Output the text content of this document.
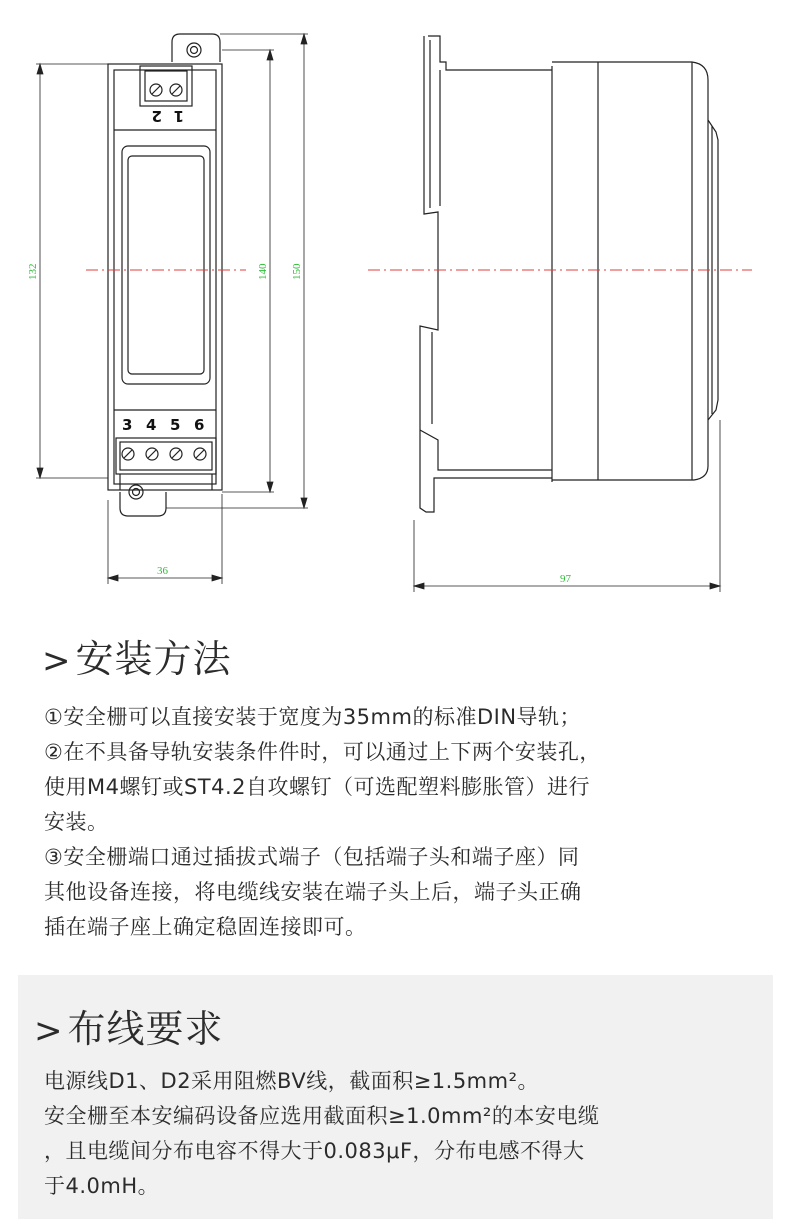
1
2
3 4 5 6
132	140 150
36
97
> 安装方法

①安全栅可以直接安装于宽度为35mm的标准DIN导轨；

②在不具备导轨安装条件件时，可以通过上下两个安装孔，

使用M4螺钉或ST4.2自攻螺钉（可选配塑料膨胀管）进行

安装。

③安全栅端口通过插拔式端子（包括端子头和端子座）同

其他设备连接，将电缆线安装在端子头上后，端子头正确

插在端子座上确定稳固连接即可。

> 布线要求

电源线D1、D2采用阻燃BV线，截面积≥1.5mm²。

安全栅至本安编码设备应选用截面积≥1.0mm²的本安电缆

，且电缆间分布电容不得大于0.083μF，分布电感不得大

于4.0mH。
